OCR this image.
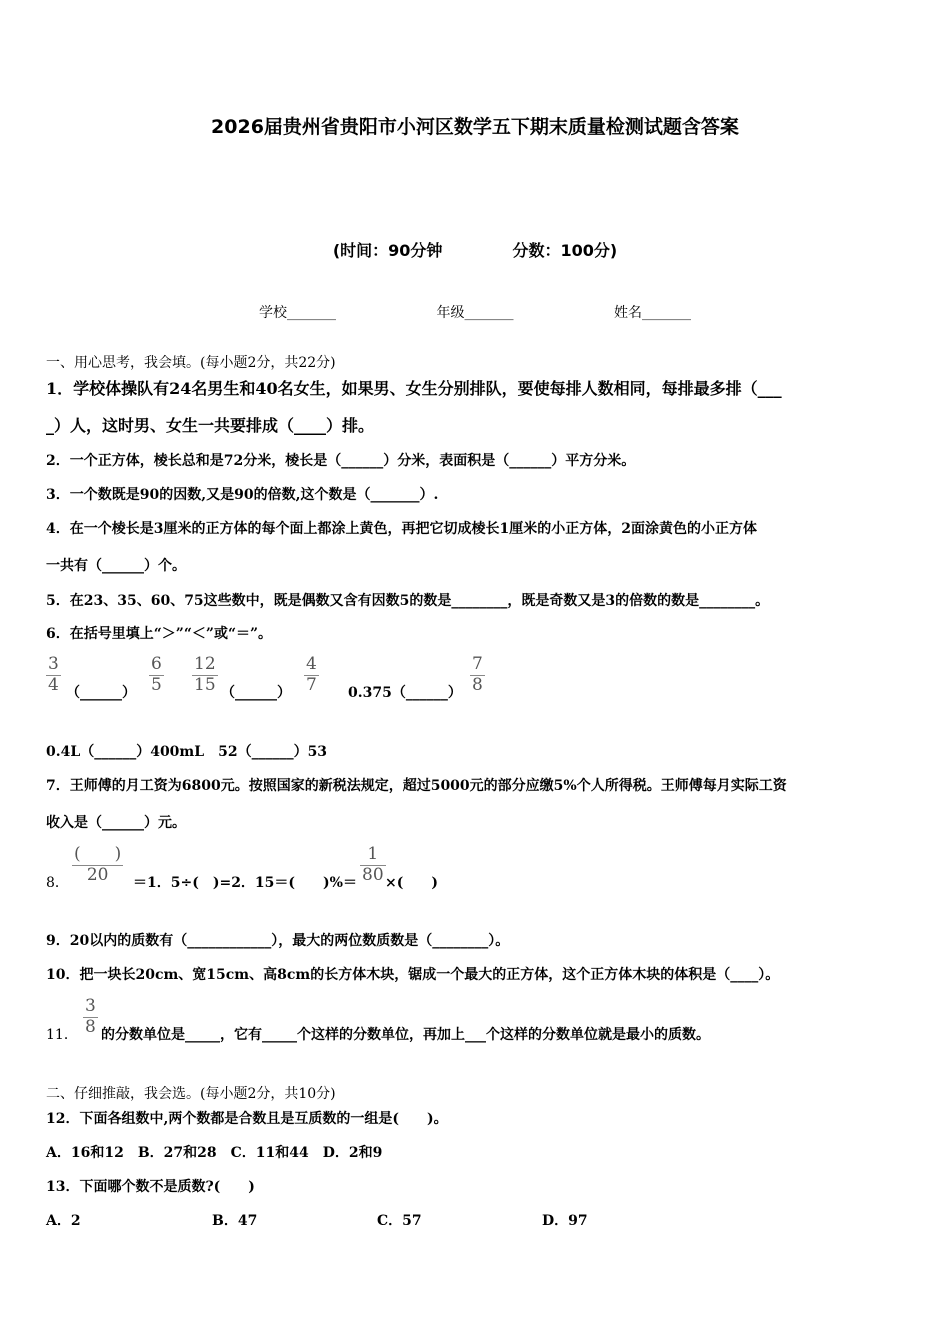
2026届贵州省贵阳市小河区数学五下期末质量检测试题含答案
(时间：90分钟	分数：100分)
学校_______	年级_______	姓名_______
一、用心思考，我会填。(每小题2分，共22分)
1．学校体操队有24名男生和40名女生，如果男、女生分别排队，要使每排人数相同，每排最多排（___
_）人，这时男、女生一共要排成（____）排。
2．一个正方体，棱长总和是72分米，棱长是（______）分米，表面积是（______）平方分米。
3．一个数既是90的因数,又是90的倍数,这个数是（_______）.
4．在一个棱长是3厘米的正方体的每个面上都涂上黄色，再把它切成棱长1厘米的小正方体，2面涂黄色的小正方体
一共有（______）个。
5．在23、35、60、75这些数中，既是偶数又含有因数5的数是________，既是奇数又是3的倍数的数是________。
6．在括号里填上“＞”“＜”或“＝”。
$\frac{3}{4}$ （______） $\frac{6}{5} \frac{12}{15}$ （______） $\frac{4}{7}$ 0.375（______） $\frac{7}{8}$
0.4L（______）400mL　52（______）53
7．王师傅的月工资为6800元。按照国家的新税法规定，超过5000元的部分应缴5%个人所得税。王师傅每月实际工资
收入是（______）元。
8．
(　　)
20	＝1．5÷(　)=2．15＝(　　)%＝ $\frac{1}{80}$ ×(　　)
9．20以内的质数有（____________），最大的两位数质数是（________）。
10．把一块长20cm、宽15cm、高8cm的长方体木块，锯成一个最大的正方体，这个正方体木块的体积是（____）。
11． $\frac{3}{8}$ 的分数单位是_____，它有_____个这样的分数单位，再加上___个这样的分数单位就是最小的质数。
二、仔细推敲，我会选。(每小题2分，共10分)
12．下面各组数中,两个数都是合数且是互质数的一组是(　　)。
A．16和12　B．27和28　C．11和44　D．2和9
13．下面哪个数不是质数?(　　)
A．2	B．47	C．57	D．97
